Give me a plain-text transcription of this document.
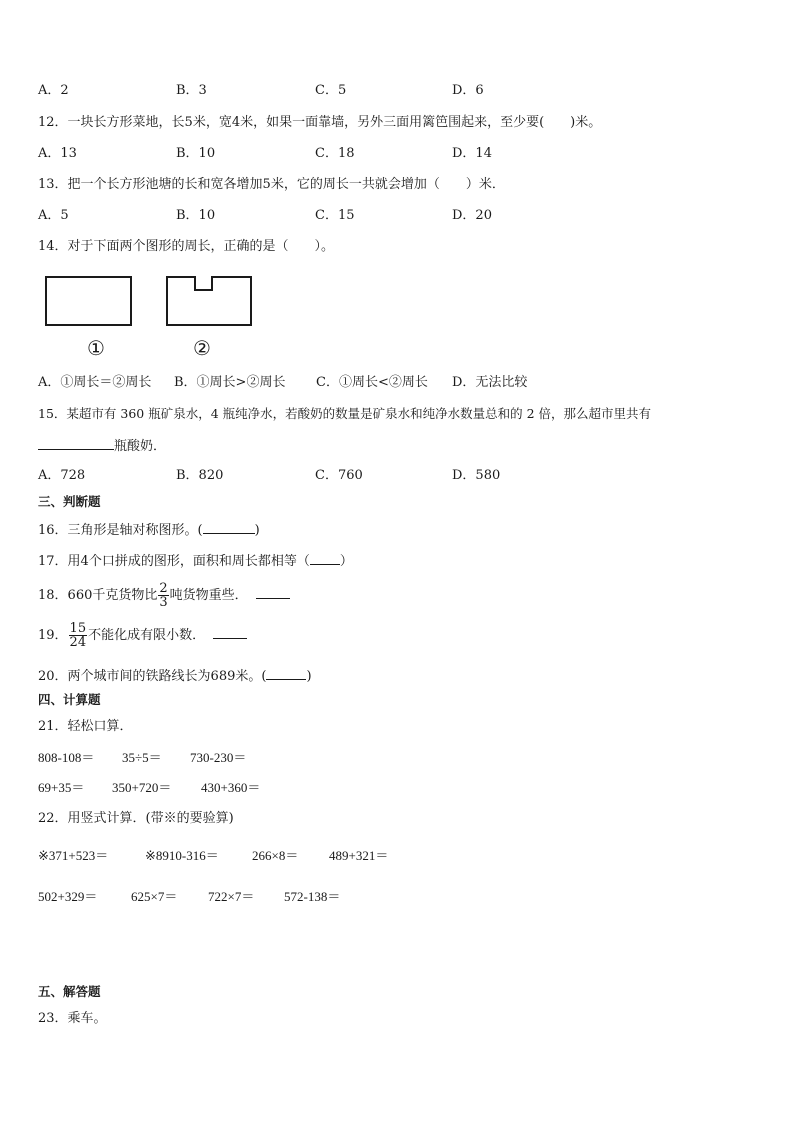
A．2	B．3	C．5	D．6
12．一块长方形菜地，长5米，宽4米，如果一面靠墙，另外三面用篱笆围起来，至少要(　　)米。
A．13	B．10	C．18	D．14
13．把一个长方形池塘的长和宽各增加5米，它的周长一共就会增加（　　）米．
A．5	B．10	C．15	D．20
14．对于下面两个图形的周长，正确的是（　　）。
①	②
A．①周长＝②周长 B．①周长>②周长 C．①周长<②周长 D．无法比较
15．某超市有 360 瓶矿泉水，4 瓶纯净水，若酸奶的数量是矿泉水和纯净水数量总和的 2 倍，那么超市里共有
瓶酸奶．
A．728	B．820	C．760	D．580
三、判断题
16．三角形是轴对称图形。(	)
17．用4个口拼成的图形，面积和周长都相等（ ）
18．660千克货物比 $\frac{2}{3}$ 吨货物重些．
19． $\frac{15}{24}$ 不能化成有限小数．
20．两个城市间的铁路线长为689米。(	)
四、计算题
21．轻松口算．
808-108＝ 35÷5＝ 730-230＝
69+35＝ 350+720＝ 430+360＝
22．用竖式计算．(带※的要验算)
※371+523＝	※8910-316＝	266×8＝ 489+321＝
502+329＝	625×7＝ 722×7＝ 572-138＝
五、解答题
23．乘车。
